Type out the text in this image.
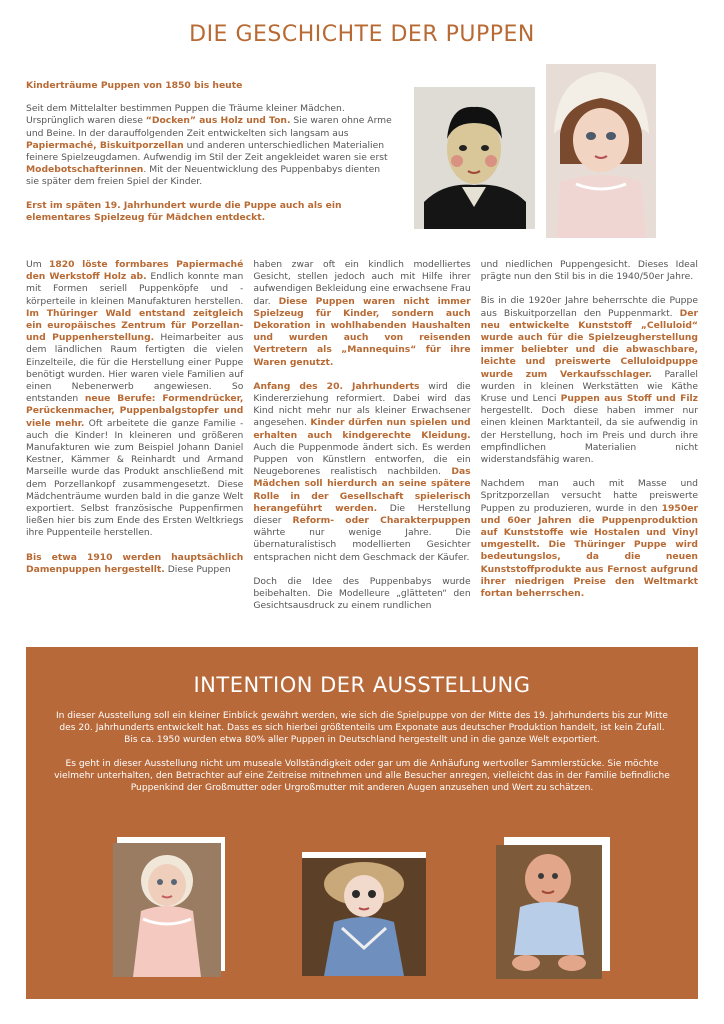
DIE GESCHICHTE DER PUPPEN

Kinderträume Puppen von 1850 bis heute

Seit dem Mittelalter bestimmen Puppen die Träume kleiner Mädchen. Ursprünglich waren diese “Docken” aus Holz und Ton. Sie waren ohne Arme und Beine. In der darauffolgenden Zeit entwickelten sich langsam aus Papiermaché, Biskuitporzellan und anderen unterschiedlichen Materialien feinere Spielzeugdamen. Aufwendig im Stil der Zeit angekleidet waren sie erst Modebotschafterinnen. Mit der Neuentwicklung des Puppenbabys dienten sie später dem freien Spiel der Kinder.

Erst im späten 19. Jahrhundert wurde die Puppe auch als ein elementares Spielzeug für Mädchen entdeckt.

Um 1820 löste formbares Papiermaché den Werkstoff Holz ab. Endlich konnte man mit Formen seriell Puppenköpfe und -körperteile in kleinen Manufakturen herstellen. Im Thüringer Wald entstand zeitgleich ein europäisches Zentrum für Porzellan-und Puppenherstellung. Heimarbeiter aus dem ländlichen Raum fertigten die vielen Einzelteile, die für die Herstellung einer Puppe benötigt wurden. Hier waren viele Familien auf einen Nebenerwerb angewiesen. So entstanden neue Berufe: Formendrücker, Perückenmacher, Puppenbalgstopfer und viele mehr. Oft arbeitete die ganze Familie - auch die Kinder! In kleineren und größeren Manufakturen wie zum Beispiel Johann Daniel Kestner, Kämmer & Reinhardt und Armand Marseille wurde das Produkt anschließend mit dem Porzellankopf zusammengesetzt. Diese Mädchenträume wurden bald in die ganze Welt exportiert. Selbst französische Puppenfirmen ließen hier bis zum Ende des Ersten Weltkriegs ihre Puppenteile herstellen.

Bis etwa 1910 werden hauptsächlich Damenpuppen hergestellt. Diese Puppen

haben zwar oft ein kindlich modelliertes Gesicht, stellen jedoch auch mit Hilfe ihrer aufwendigen Bekleidung eine erwachsene Frau dar. Diese Puppen waren nicht immer Spielzeug für Kinder, sondern auch Dekoration in wohlhabenden Haushalten und wurden auch von reisenden Vertretern als „Mannequins“ für ihre Waren genutzt.

Anfang des 20. Jahrhunderts wird die Kindererziehung reformiert. Dabei wird das Kind nicht mehr nur als kleiner Erwachsener angesehen. Kinder dürfen nun spielen und erhalten auch kindgerechte Kleidung. Auch die Puppenmode ändert sich. Es werden Puppen von Künstlern entworfen, die ein Neugeborenes realistisch nachbilden. Das Mädchen soll hierdurch an seine spätere Rolle in der Gesellschaft spielerisch herangeführt werden. Die Herstellung dieser Reform- oder Charakterpuppen währte nur wenige Jahre. Die übernaturalistisch modellierten Gesichter entsprachen nicht dem Geschmack der Käufer.

Doch die Idee des Puppenbabys wurde beibehalten. Die Modelleure „glätteten“ den Gesichtsausdruck zu einem rundlichen

und niedlichen Puppengesicht. Dieses Ideal prägte nun den Stil bis in die 1940/50er Jahre.

Bis in die 1920er Jahre beherrschte die Puppe aus Biskuitporzellan den Puppenmarkt. Der neu entwickelte Kunststoff „Celluloid“ wurde auch für die Spielzeugherstellung immer beliebter und die abwaschbare, leichte und preiswerte Celluloidpuppe wurde zum Verkaufsschlager. Parallel wurden in kleinen Werkstätten wie Käthe Kruse und Lenci Puppen aus Stoff und Filz hergestellt. Doch diese haben immer nur einen kleinen Marktanteil, da sie aufwendig in der Herstellung, hoch im Preis und durch ihre empfindlichen Materialien nicht widerstandsfähig waren.

Nachdem man auch mit Masse und Spritzporzellan versucht hatte preiswerte Puppen zu produzieren, wurde in den 1950er und 60er Jahren die Puppenproduktion auf Kunststoffe wie Hostalen und Vinyl umgestellt. Die Thüringer Puppe wird bedeutungslos, da die neuen Kunststoffprodukte aus Fernost aufgrund ihrer niedrigen Preise den Weltmarkt fortan beherrschen.

INTENTION DER AUSSTELLUNG

In dieser Ausstellung soll ein kleiner Einblick gewährt werden, wie sich die Spielpuppe von der Mitte des 19. Jahrhunderts bis zur Mitte des 20. Jahrhunderts entwickelt hat. Dass es sich hierbei größtenteils um Exponate aus deutscher Produktion handelt, ist kein Zufall. Bis ca. 1950 wurden etwa 80% aller Puppen in Deutschland hergestellt und in die ganze Welt exportiert.

Es geht in dieser Ausstellung nicht um museale Vollständigkeit oder gar um die Anhäufung wertvoller Sammlerstücke. Sie möchte vielmehr unterhalten, den Betrachter auf eine Zeitreise mitnehmen und alle Besucher anregen, vielleicht das in der Familie befindliche Puppenkind der Großmutter oder Urgroßmutter mit anderen Augen anzusehen und Wert zu schätzen.
